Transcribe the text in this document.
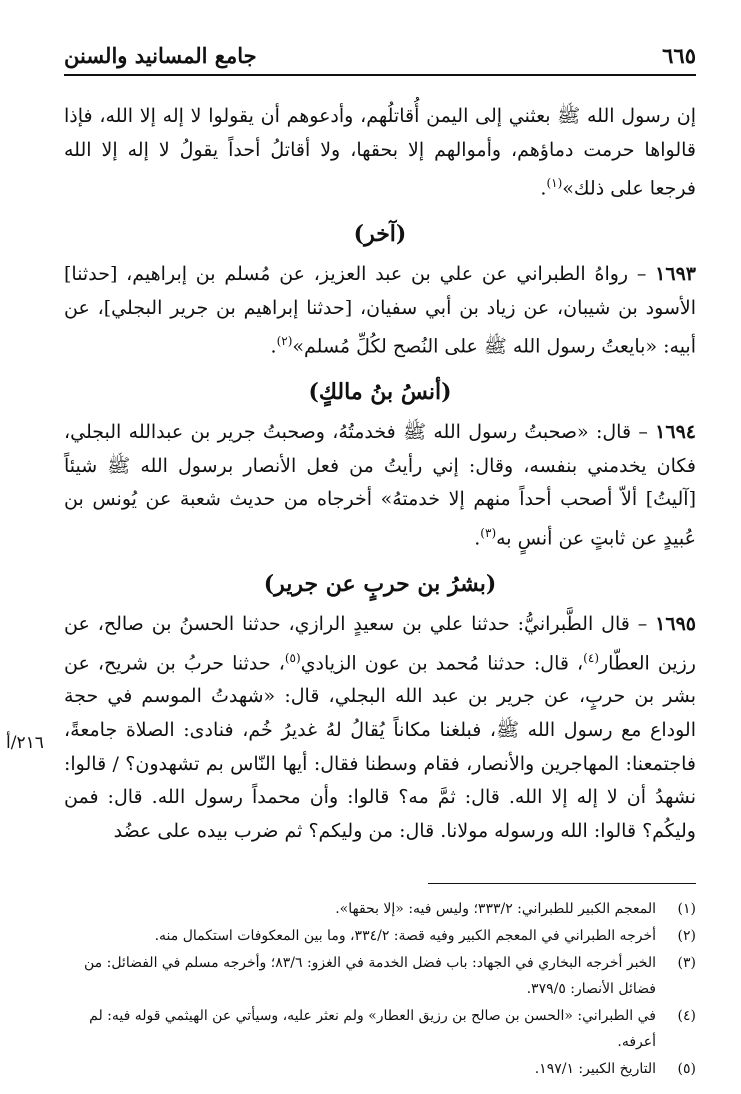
٦٦٥
جامع المسانيد والسنن

إن رسول الله ﷺ بعثني إلى اليمن أُقاتلُهم، وأدعوهم أن يقولوا لا إله إلا الله، فإذا قالواها حرمت دماؤهم، وأموالهم إلا بحقها، ولا أقاتلُ أحداً يقولُ لا إله إلا الله فرجعا على ذلك»$^{(١)}$.

(آخر)

١٦٩٣ – رواهُ الطبراني عن علي بن عبد العزيز، عن مُسلم بن إبراهيم، [حدثنا] الأسود بن شيبان، عن زياد بن أبي سفيان، [حدثنا إبراهيم بن جرير البجلي]، عن أبيه: «بايعتُ رسول الله ﷺ على النُصح لكُلِّ مُسلم»$^{(٢)}$.

(أنسُ بنُ مالكٍ)

١٦٩٤ – قال: «صحبتُ رسول الله ﷺ فخدمتُهُ، وصحبتُ جرير بن عبدالله البجلي، فكان يخدمني بنفسه، وقال: إني رأيتُ من فعل الأنصار برسول الله ﷺ شيئاً [آليتُ] ألاّ أصحب أحداً منهم إلا خدمتهُ» أخرجاه من حديث شعبة عن يُونس بن عُبيدٍ عن ثابتٍ عن أنسٍ به$^{(٣)}$.

(بشرُ بن حربٍ عن جرير)

١٦٩٥ – قال الطَّبرانيُّ: حدثنا علي بن سعيدٍ الرازي، حدثنا الحسنُ بن صالح، عن رزين العطّار$^{(٤)}$، قال: حدثنا مُحمد بن عون الزيادي$^{(٥)}$، حدثنا حربُ بن شريح، عن بشر بن حربٍ، عن جرير بن عبد الله البجلي، قال: «شهدتُ الموسم في حجة الوداع مع رسول الله ﷺ، فبلغنا مكاناً يُقالُ لهُ غديرُ خُم، فنادى: الصلاة جامعةً، فاجتمعنا: المهاجرين والأنصار، فقام وسطنا فقال: أيها النّاس بم تشهدون؟ / قالوا: نشهدُ أن لا إله إلا الله. قال: ثمَّ مه؟ قالوا: وأن محمداً رسول الله. قال: فمن وليكُم؟ قالوا: الله ورسوله مولانا. قال: من وليكم؟ ثم ضرب بيده على عضُد

٢١٦/أ
(١)
المعجم الكبير للطبراني: ٣٣٣/٢؛ وليس فيه: «إلا بحقها».
(٢)
أخرجه الطبراني في المعجم الكبير وفيه قصة: ٣٣٤/٢، وما بين المعكوفات استكمال منه.
(٣)
الخبر أخرجه البخاري في الجهاد: باب فضل الخدمة في الغزو: ٨٣/٦؛ وأخرجه مسلم في الفضائل: من فضائل الأنصار: ٣٧٩/٥.
(٤)
في الطبراني: «الحسن بن صالح بن رزيق العطار» ولم نعثر عليه، وسيأتي عن الهيثمي قوله فيه: لم أعرفه.
(٥)
التاريخ الكبير: ١٩٧/١.
